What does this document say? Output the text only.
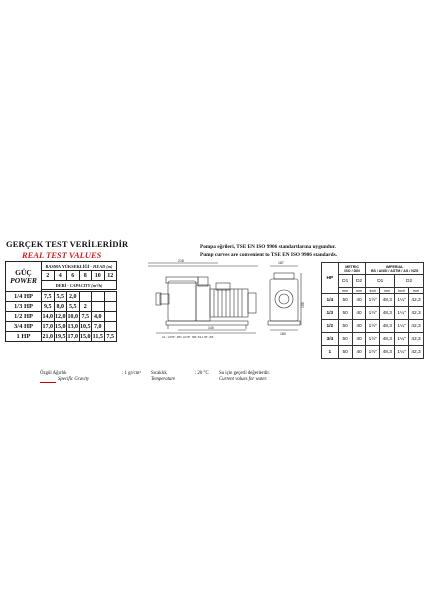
GERÇEK TEST VERİLERİDİR
REAL TEST VALUES
GÜÇ
POWER	BASMA YÜKSEKLİĞİ - HEAD (m)					
	2	4	6	8	10	12
	DEBİ - CAPACITY (m³/h)					

1/4 HP	7,5	5,5	2,0			
1/3 HP	9,5	8,0	5,5	2		
1/2 HP	14,0	12,0	10,0	7,5	4,0	
3/4 HP	17,0	15,0	13,0	10,5	7,0	
1 HP	21,0	19,5	17,0	15,0	11,5	7,5
Özgül Ağırlık
Specific Gravity
: 1 gr/cm³ Sıcaklık
Temperature
: 20 °C Su için geçerli değerlerdir.
Current values for water.
Pompa eğrileri, TSE EN ISO 9906 standartlarına uygundur.
Pump curves are convenient to TSE EN ISO 9906 standards.
218	187
1/4 - 1/3 HP : 395 / 1/2 HP : 398 / 3/4-1 HP : 405
140
180
155
HP	METRIC
ISO / DIN		IMPERIAL
BS / ANSI / ASTM / AS / NZS			
	D1	D2	D1		D2	
	mm	mm	inch	mm	inch	mm
1/4	50	40	1½"	48,3	1¼"	42,3
1/3	50	40	1½"	48,3	1¼"	42,3
1/2	50	40	1½"	48,3	1¼"	42,3
3/4	50	40	1½"	48,3	1¼"	42,3
1	50	40	1½"	48,3	1¼"	42,3
